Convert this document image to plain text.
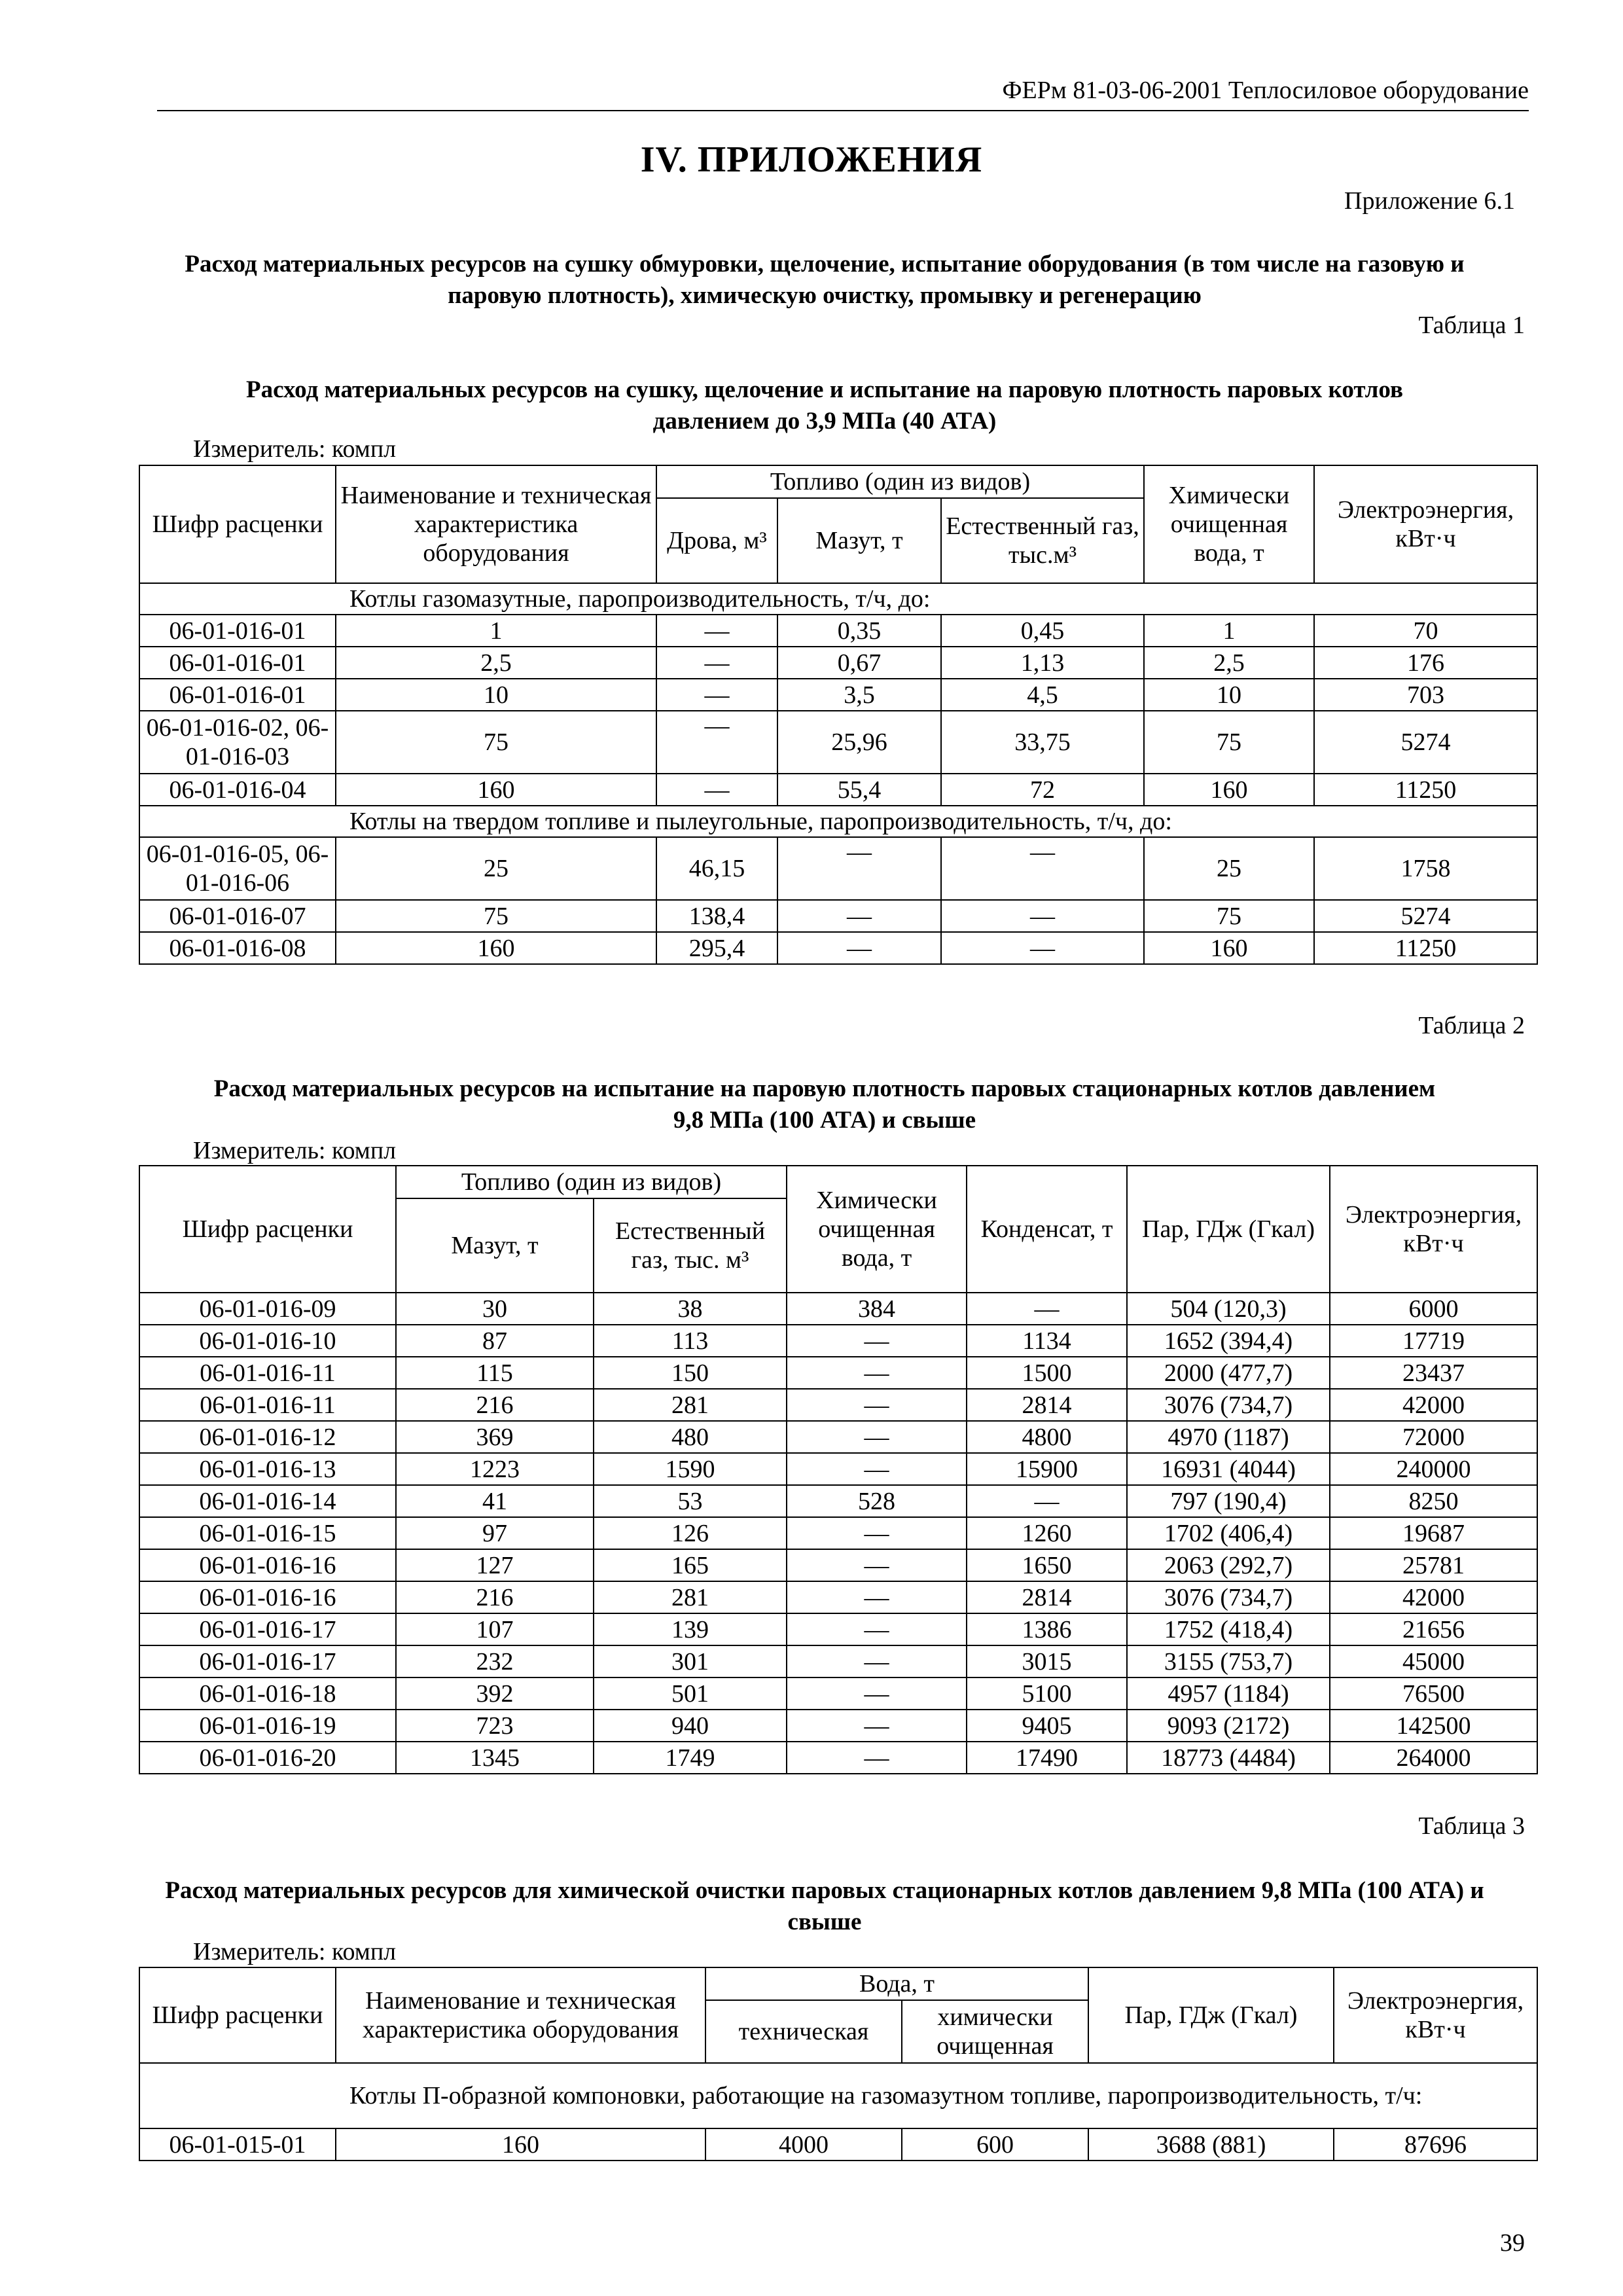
ФЕРм 81-03-06-2001 Теплосиловое оборудование
IV. ПРИЛОЖЕНИЯ
Приложение 6.1
Расход материальных ресурсов на сушку обмуровки, щелочение, испытание оборудования (в том числе на газовую и паровую плотность), химическую очистку, промывку и регенерацию
Таблица 1
Расход материальных ресурсов на сушку, щелочение и испытание на паровую плотность паровых котлов давлением до 3,9 МПа (40 АТА)
Измеритель: компл
Шифр расценки	Наименование и техническая характеристика оборудования	Топливо (один из видов)			Химически очищенная вода, т	Электроэнергия, кВт·ч
		Дрова, м³	Мазут, т	Естественный газ, тыс.м³		
Котлы газомазутные, паропроизводительность, т/ч, до:						
06-01-016-01	1	—	0,35	0,45	1	70
06-01-016-01	2,5	—	0,67	1,13	2,5	176
06-01-016-01	10	—	3,5	4,5	10	703
06-01-016-02, 06-01-016-03	75	—	25,96	33,75	75	5274
06-01-016-04	160	—	55,4	72	160	11250
Котлы на твердом топливе и пылеугольные, паропроизводительность, т/ч, до:						
06-01-016-05, 06-01-016-06	25	46,15	—	—	25	1758
06-01-016-07	75	138,4	—	—	75	5274
06-01-016-08	160	295,4	—	—	160	11250
Таблица 2
Расход материальных ресурсов на испытание на паровую плотность паровых стационарных котлов давлением 9,8 МПа (100 АТА) и свыше
Измеритель: компл
Шифр расценки	Топливо (один из видов)		Химически очищенная вода, т	Конденсат, т	Пар, ГДж (Гкал)	Электроэнергия, кВт·ч
	Мазут, т	Естественный газ, тыс. м³				
06-01-016-09	30	38	384	—	504 (120,3)	6000
06-01-016-10	87	113	—	1134	1652 (394,4)	17719
06-01-016-11	115	150	—	1500	2000 (477,7)	23437
06-01-016-11	216	281	—	2814	3076 (734,7)	42000
06-01-016-12	369	480	—	4800	4970 (1187)	72000
06-01-016-13	1223	1590	—	15900	16931 (4044)	240000
06-01-016-14	41	53	528	—	797 (190,4)	8250
06-01-016-15	97	126	—	1260	1702 (406,4)	19687
06-01-016-16	127	165	—	1650	2063 (292,7)	25781
06-01-016-16	216	281	—	2814	3076 (734,7)	42000
06-01-016-17	107	139	—	1386	1752 (418,4)	21656
06-01-016-17	232	301	—	3015	3155 (753,7)	45000
06-01-016-18	392	501	—	5100	4957 (1184)	76500
06-01-016-19	723	940	—	9405	9093 (2172)	142500
06-01-016-20	1345	1749	—	17490	18773 (4484)	264000
Таблица 3
Расход материальных ресурсов для химической очистки паровых стационарных котлов давлением 9,8 МПа (100 АТА) и свыше
Измеритель: компл
Шифр расценки	Наименование и техническая характеристика оборудования	Вода, т		Пар, ГДж (Гкал)	Электроэнергия, кВт·ч
		техническая	химически очищенная		
Котлы П-образной компоновки, работающие на газомазутном топливе, паропроизводительность, т/ч:					
06-01-015-01	160	4000	600	3688 (881)	87696
39
